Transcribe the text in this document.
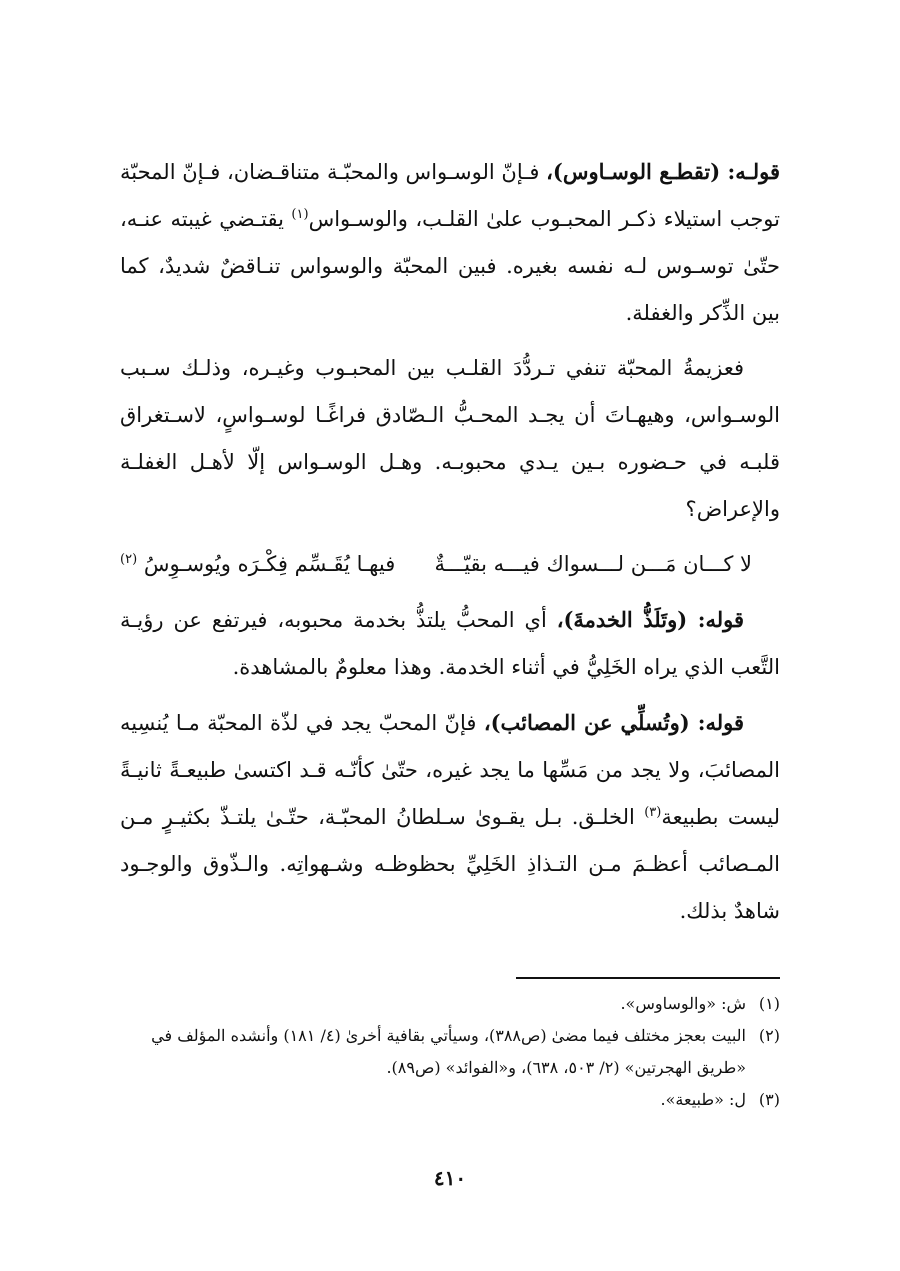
قولـه: (تقطـع الوسـاوس)، فـإنّ الوسـواس والمحبّـة متناقـضان، فـإنّ المحبّة توجب استيلاء ذكـر المحبـوب علىٰ القلـب، والوسـواس$^{(١)}$ يقتـضي غيبته عنـه، حتّىٰ توسـوس لـه نفسه بغيره. فبين المحبّة والوسواس تنـاقضٌ شديدٌ، كما بين الذِّكر والغفلة.

فعزيمةُ المحبّة تنفي تـردُّدَ القلـب بين المحبـوب وغيـره، وذلـك سـبب الوسـواس، وهيهـاتَ أن يجـد المحـبُّ الـصّادق فراغًـا لوسـواسٍ، لاسـتغراق قلبـه في حـضوره بـين يـدي محبوبـه. وهـل الوسـواس إلّا لأهـل الغفلـة والإعراض؟

لا كـــان مَـــن لـــسواك فيـــه بقيّـــةٌ
فيهـا يُقَـسِّم فِكْـرَه ويُوسـوِسُ $^{(٢)}$

قوله: (وتَلَذُّ الخدمةَ)، أي المحبُّ يلتذُّ بخدمة محبوبه، فيرتفع عن رؤيـة التَّعب الذي يراه الخَلِيُّ في أثناء الخدمة. وهذا معلومٌ بالمشاهدة.

قوله: (وتُسلِّي عن المصائب)، فإنّ المحبّ يجد في لذّة المحبّة مـا يُنسِيه المصائبَ، ولا يجد من مَسِّها ما يجد غيره، حتّىٰ كأنّـه قـد اكتسىٰ طبيعـةً ثانيـةً ليست بطبيعة$^{(٣)}$ الخلـق. بـل يقـوىٰ سـلطانُ المحبّـة، حتّـىٰ يلتـذّ بكثيـرٍ مـن المـصائب أعظـمَ مـن التـذاذِ الخَلِيِّ بحظوظـه وشـهواتِه. والـذّوق والوجـود شاهدٌ بذلك.

(١)
ش: «والوساوس».
(٢)
البيت بعجز مختلف فيما مضىٰ (ص٣٨٨)، وسيأتي بقافية أخرىٰ (٤/ ١٨١) وأنشده المؤلف في «طريق الهجرتين» (٢/ ٥٠٣، ٦٣٨)، و«الفوائد» (ص٨٩).
(٣)
ل: «طبيعة».
٤١٠
